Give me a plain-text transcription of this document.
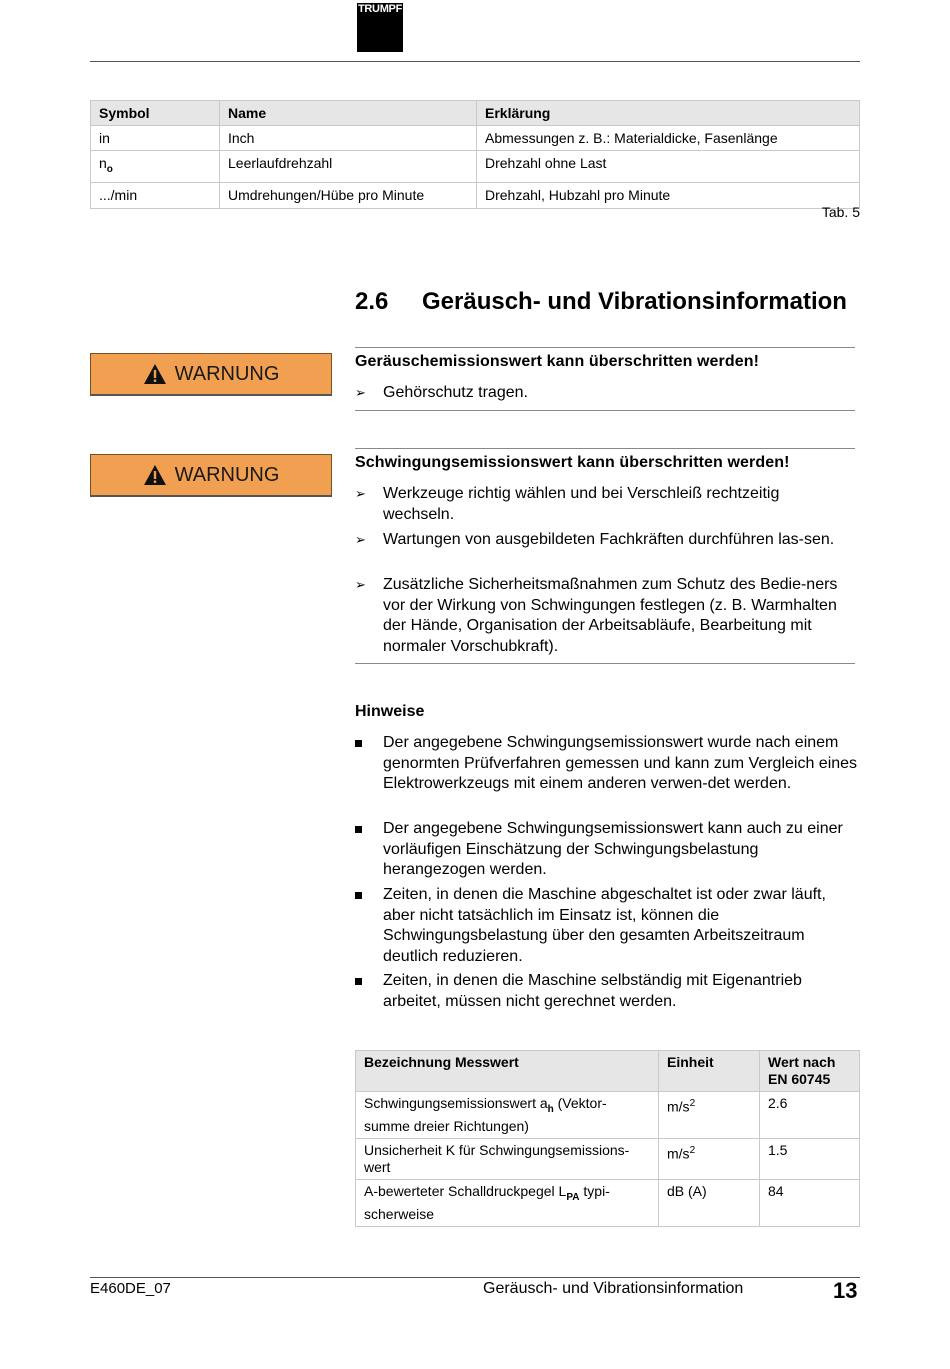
TRUMPF
Symbol	Name	Erklärung
in	Inch	Abmessungen z. B.: Materialdicke, Fasenlänge
$n_o$	Leerlaufdrehzahl	Drehzahl ohne Last
.../min	Umdrehungen/Hübe pro Minute	Drehzahl, Hubzahl pro Minute
Tab. 5
2.6 Geräusch- und Vibrationsinformation
WARNUNG
Geräuschemissionswert kann überschritten werden!
➢ Gehörschutz tragen.
WARNUNG
Schwingungsemissionswert kann überschritten werden!
➢ Werkzeuge richtig wählen und bei Verschleiß rechtzeitig wechseln.
➢ Wartungen von ausgebildeten Fachkräften durchführen las-sen.
➢ Zusätzliche Sicherheitsmaßnahmen zum Schutz des Bedie-ners vor der Wirkung von Schwingungen festlegen (z. B. Warmhalten der Hände, Organisation der Arbeitsabläufe, Bearbeitung mit normaler Vorschubkraft).
Hinweise
Der angegebene Schwingungsemissionswert wurde nach einem genormten Prüfverfahren gemessen und kann zum Vergleich eines Elektrowerkzeugs mit einem anderen verwen-det werden.
Der angegebene Schwingungsemissionswert kann auch zu einer vorläufigen Einschätzung der Schwingungsbelastung herangezogen werden.
Zeiten, in denen die Maschine abgeschaltet ist oder zwar läuft, aber nicht tatsächlich im Einsatz ist, können die Schwingungsbelastung über den gesamten Arbeitszeitraum deutlich reduzieren.
Zeiten, in denen die Maschine selbständig mit Eigenantrieb arbeitet, müssen nicht gerechnet werden.
Bezeichnung Messwert	Einheit	Wert nach EN 60745
Schwingungsemissionswert $a_h$ (Vektor-summe dreier Richtungen)	$m/s^2$	2.6
Unsicherheit K für Schwingungsemissions-wert	$m/s^2$	1.5
A-bewerteter Schalldruckpegel $L_{PA}$ typi-scherweise	dB (A)	84
E460DE_07	Geräusch- und Vibrationsinformation	13
